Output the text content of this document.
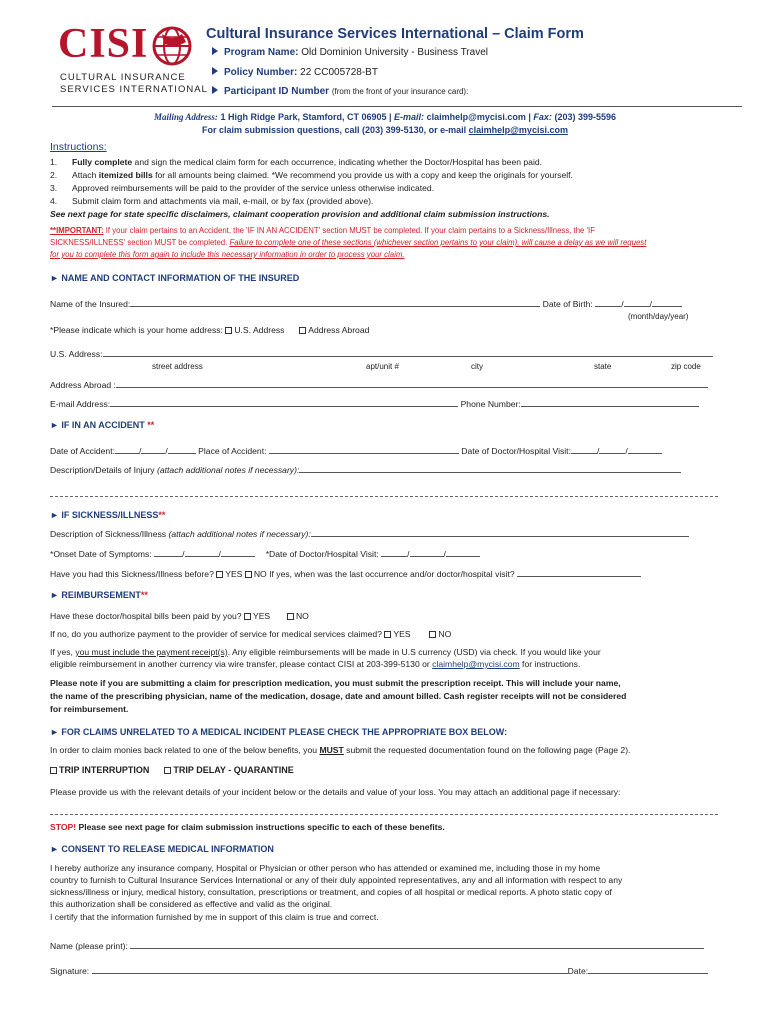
CISI
CULTURAL INSURANCE
SERVICES INTERNATIONAL
Cultural Insurance Services International – Claim Form
Program Name: Old Dominion University - Business Travel
Policy Number: 22 CC005728-BT
Participant ID Number (from the front of your insurance card):
Mailing Address: 1 High Ridge Park, Stamford, CT 06905 | E-mail: claimhelp@mycisi.com | Fax: (203) 399-5596
For claim submission questions, call (203) 399-5130, or e-mail claimhelp@mycisi.com
Instructions:
1. Fully complete and sign the medical claim form for each occurrence, indicating whether the Doctor/Hospital has been paid.
2. Attach itemized bills for all amounts being claimed. *We recommend you provide us with a copy and keep the originals for yourself.
3. Approved reimbursements will be paid to the provider of the service unless otherwise indicated.
4. Submit claim form and attachments via mail, e-mail, or by fax (provided above).
See next page for state specific disclaimers, claimant cooperation provision and additional claim submission instructions.
**IMPORTANT: If your claim pertains to an Accident, the 'IF IN AN ACCIDENT' section MUST be completed. If your claim pertains to a Sickness/Illness, the 'IF
SICKNESS/ILLNESS' section MUST be completed. Failure to complete one of these sections (whichever section pertains to your claim), will cause a delay as we will request
for you to complete this form again to include this necessary information in order to process your claim.
► NAME AND CONTACT INFORMATION OF THE INSURED
Name of the Insured:	Date of Birth:	/	/
(month/day/year)
*Please indicate which is your home address: U.S. Address	Address Abroad
U.S. Address:
street address	apt/unit #	city	state	zip code
Address Abroad :
E-mail Address:	Phone Number:
► IF IN AN ACCIDENT **
Date of Accident:	/	/	Place of Accident:	Date of Doctor/Hospital Visit:	/	/
Description/Details of Injury (attach additional notes if necessary):
► IF SICKNESS/ILLNESS**
Description of Sickness/Illness (attach additional notes if necessary):
*Onset Date of Symptoms:	/	/	*Date of Doctor/Hospital Visit:	/	/
Have you had this Sickness/Illness before? YES NO If yes, when was the last occurrence and/or doctor/hospital visit?
► REIMBURSEMENT**
Have these doctor/hospital bills been paid by you? YES	NO
If no, do you authorize payment to the provider of service for medical services claimed? YES	NO
If yes, you must include the payment receipt(s). Any eligible reimbursements will be made in U.S currency (USD) via check. If you would like your
eligible reimbursement in another currency via wire transfer, please contact CISI at 203-399-5130 or claimhelp@mycisi.com for instructions.
Please note if you are submitting a claim for prescription medication, you must submit the prescription receipt. This will include your name,
the name of the prescribing physician, name of the medication, dosage, date and amount billed. Cash register receipts will not be considered
for reimbursement.
► FOR CLAIMS UNRELATED TO A MEDICAL INCIDENT PLEASE CHECK THE APPROPRIATE BOX BELOW:
In order to claim monies back related to one of the below benefits, you MUST submit the requested documentation found on the following page (Page 2).
TRIP INTERRUPTION	TRIP DELAY - QUARANTINE
Please provide us with the relevant details of your incident below or the details and value of your loss. You may attach an additional page if necessary:
STOP! Please see next page for claim submission instructions specific to each of these benefits.
► CONSENT TO RELEASE MEDICAL INFORMATION
I hereby authorize any insurance company, Hospital or Physician or other person who has attended or examined me, including those in my home
country to furnish to Cultural Insurance Services International or any of their duly appointed representatives, any and all information with respect to any
sickness/illness or injury, medical history, consultation, prescriptions or treatment, and copies of all hospital or medical reports. A photo static copy of
this authorization shall be considered as effective and valid as the original.
I certify that the information furnished by me in support of this claim is true and correct.
Name (please print):
Signature:	Date:
